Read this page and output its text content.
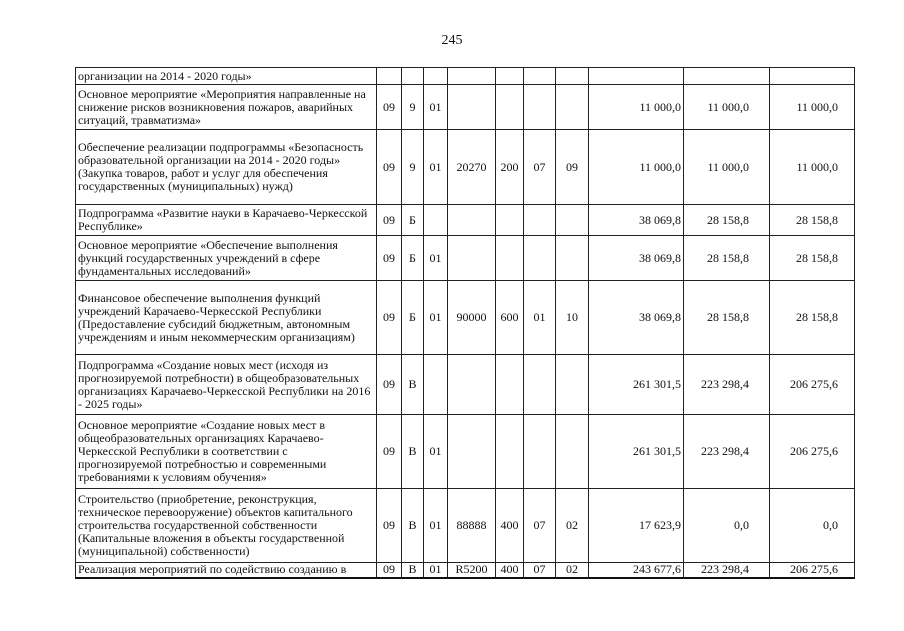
245
организации на 2014 - 2020 годы»										
Основное мероприятие «Мероприятия направленные на снижение рисков возникновения пожаров, аварийных ситуаций, травматизма»	09	9	01					11 000,0	11 000,0	11 000,0
Обеспечение реализации подпрограммы «Безопасность образовательной организации на 2014 - 2020 годы» (Закупка товаров, работ и услуг для обеспечения государственных (муниципальных) нужд)	09	9	01	20270	200	07	09	11 000,0	11 000,0	11 000,0
Подпрограмма «Развитие науки в Карачаево-Черкесской Республике»	09	Б						38 069,8	28 158,8	28 158,8
Основное мероприятие «Обеспечение выполнения функций государственных учреждений в сфере фундаментальных исследований»	09	Б	01					38 069,8	28 158,8	28 158,8
Финансовое обеспечение выполнения функций учреждений Карачаево-Черкесской Республики (Предоставление субсидий бюджетным, автономным учреждениям и иным некоммерческим организациям)	09	Б	01	90000	600	01	10	38 069,8	28 158,8	28 158,8
Подпрограмма «Создание новых мест (исходя из прогнозируемой потребности) в общеобразовательных организациях Карачаево-Черкесской Республики на 2016 - 2025 годы»	09	В						261 301,5	223 298,4	206 275,6
Основное мероприятие «Создание новых мест в общеобразовательных организациях Карачаево-Черкесской Республики в соответствии с прогнозируемой потребностью и современными требованиями к условиям обучения»	09	В	01					261 301,5	223 298,4	206 275,6
Строительство (приобретение, реконструкция, техническое перевооружение) объектов капитального строительства государственной собственности (Капитальные вложения в объекты государственной (муниципальной) собственности)	09	В	01	88888	400	07	02	17 623,9	0,0	0,0
Реализация мероприятий по содействию созданию в	09	В	01	R5200	400	07	02	243 677,6	223 298,4	206 275,6
